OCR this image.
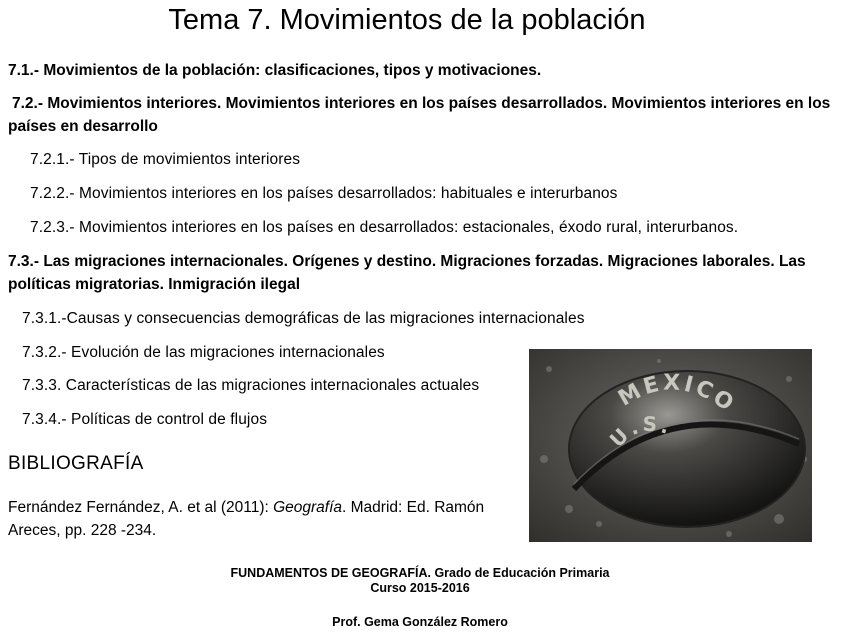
Tema 7. Movimientos de la población
7.1.- Movimientos de la población: clasificaciones, tipos y motivaciones.
7.2.- Movimientos interiores. Movimientos interiores en los países desarrollados. Movimientos interiores en los países en desarrollo
7.2.1.- Tipos de movimientos interiores
7.2.2.- Movimientos interiores en los países desarrollados: habituales e interurbanos
7.2.3.- Movimientos interiores en los países en desarrollados: estacionales, éxodo rural, interurbanos.
7.3.- Las migraciones internacionales. Orígenes y destino. Migraciones forzadas. Migraciones laborales. Las políticas migratorias. Inmigración ilegal
7.3.1.-Causas y consecuencias demográficas de las migraciones internacionales
7.3.2.- Evolución de las migraciones internacionales
7.3.3. Características de las migraciones internacionales actuales
7.3.4.- Políticas de control de flujos
BIBLIOGRAFÍA
Fernández Fernández, A. et al (2011): Geografía. Madrid: Ed. Ramón Areces, pp. 228 -234.
MEXICO
U.S.
FUNDAMENTOS DE GEOGRAFÍA. Grado de Educación Primaria
Curso 2015-2016
Prof. Gema González Romero
